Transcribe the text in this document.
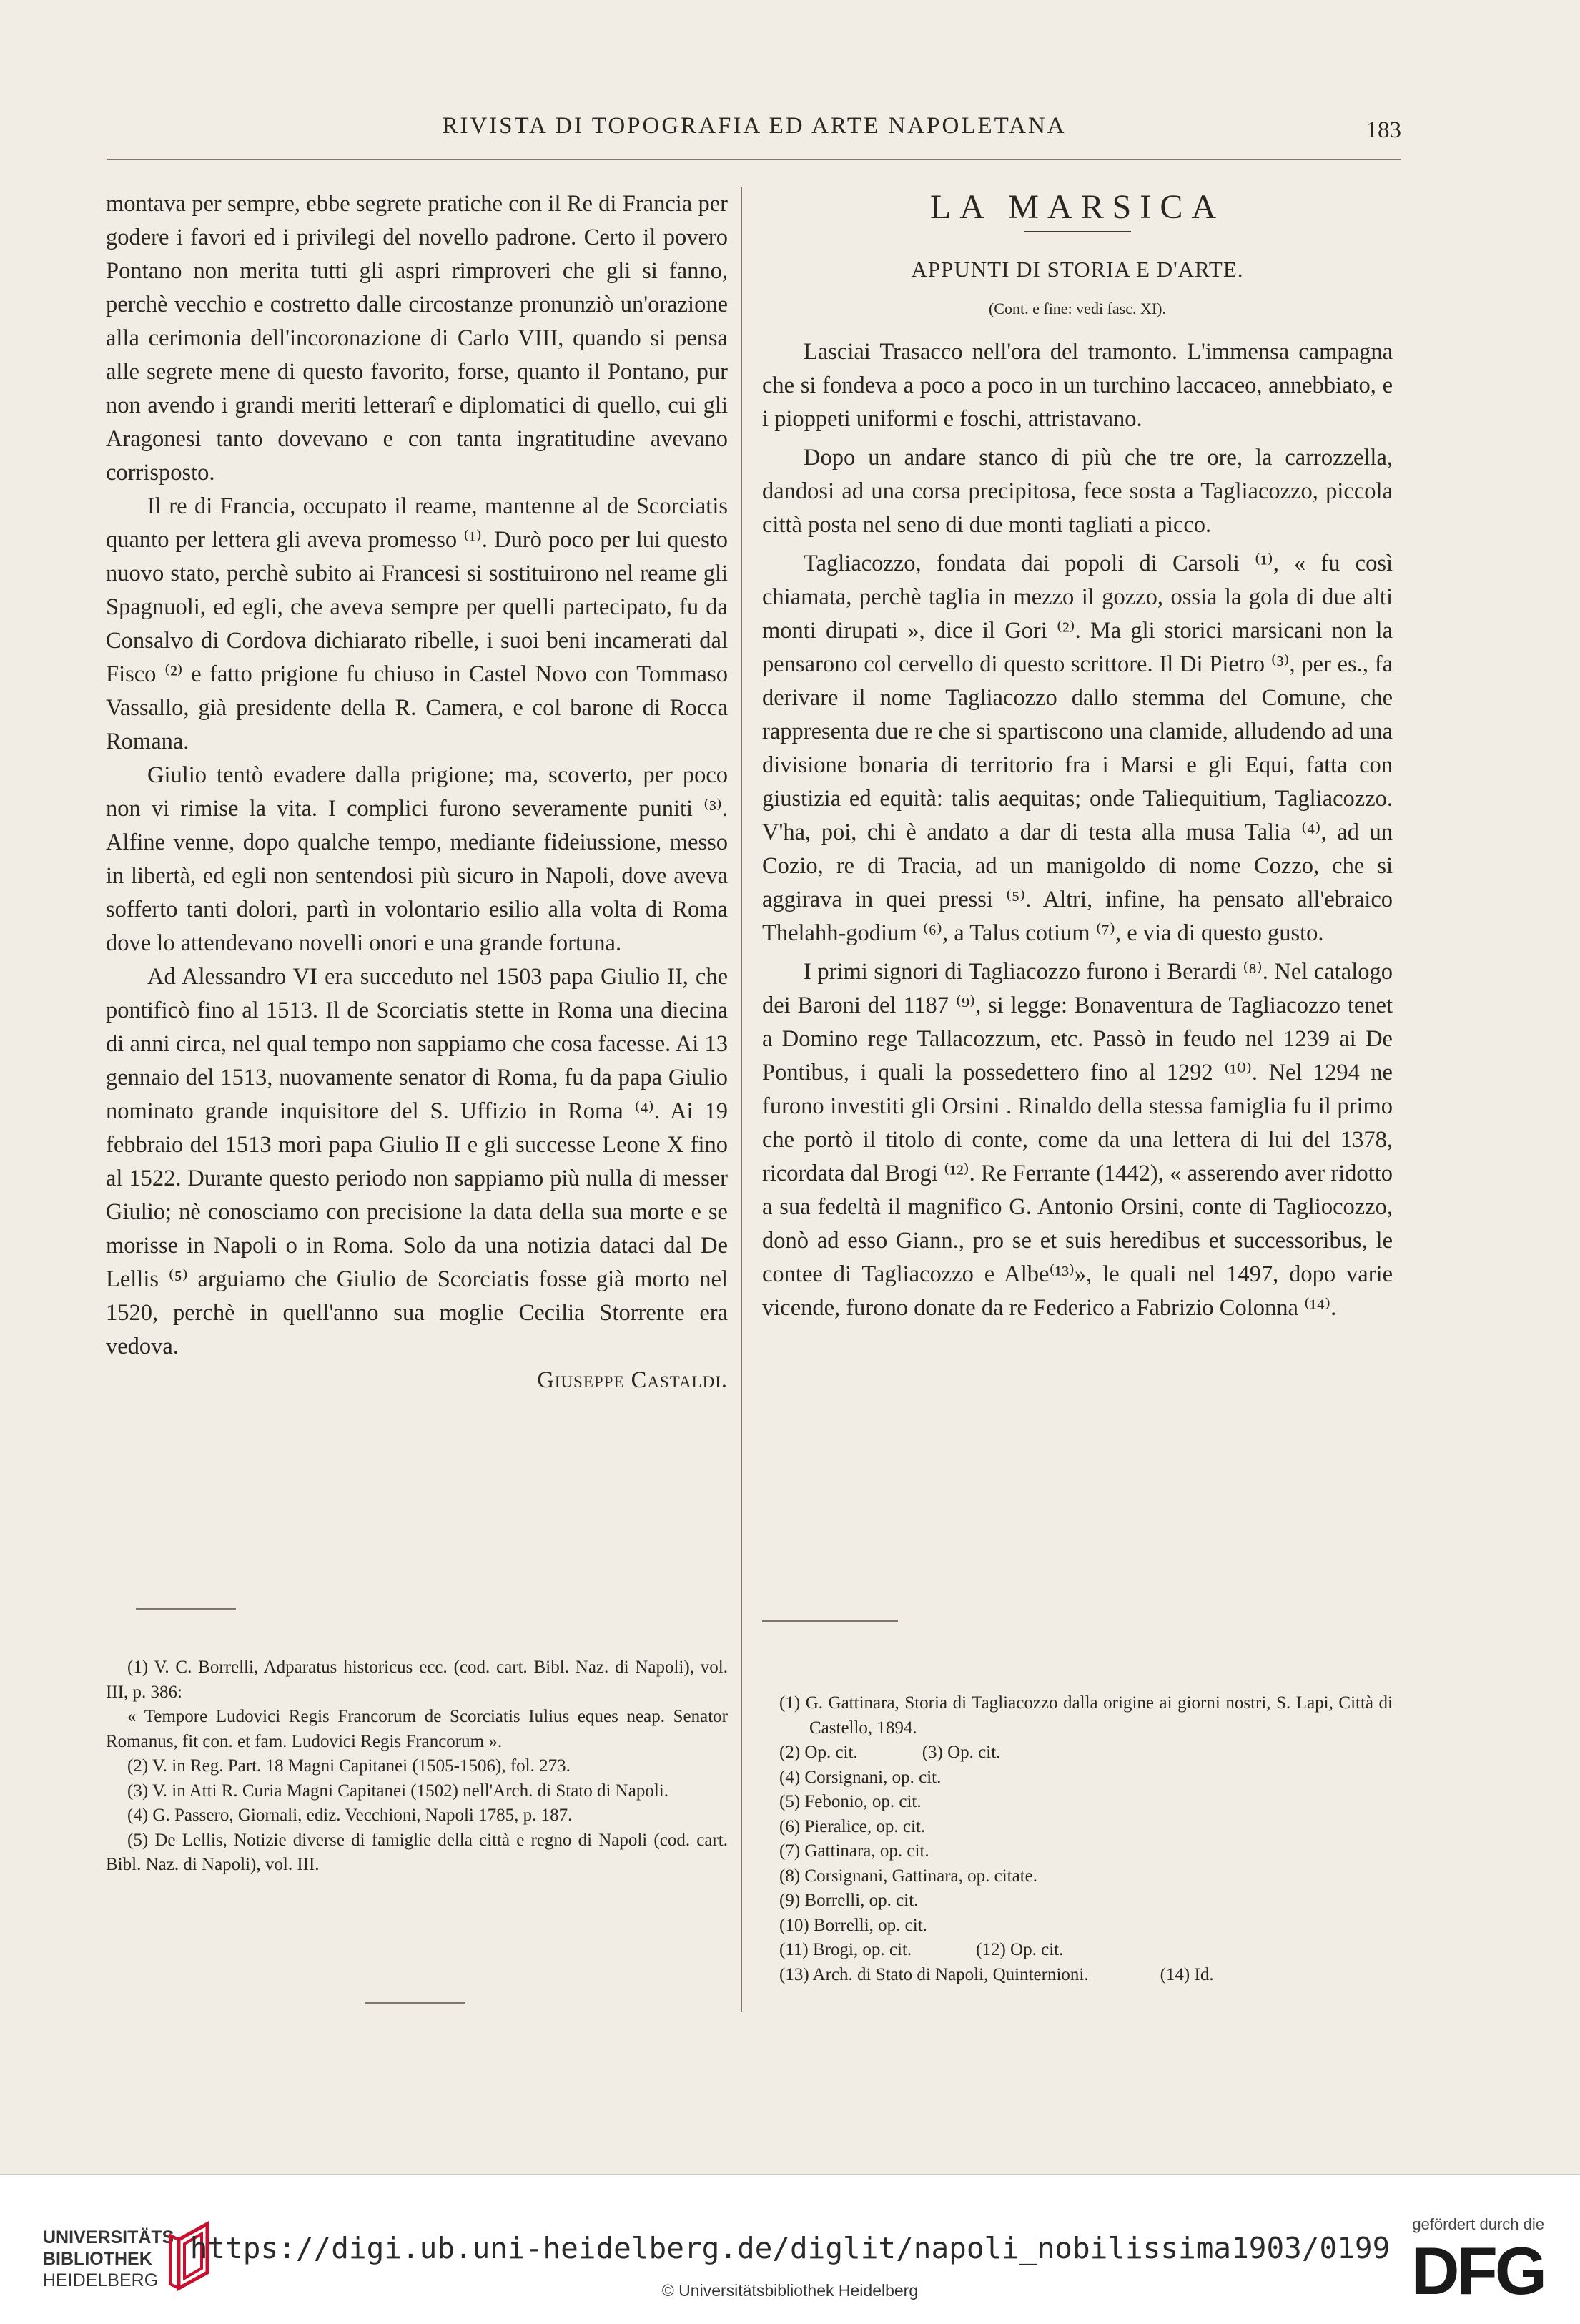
RIVISTA DI TOPOGRAFIA ED ARTE NAPOLETANA	183

montava per sempre, ebbe segrete pratiche con il Re di Francia per godere i favori ed i privilegi del novello padrone. Certo il povero Pontano non merita tutti gli aspri rimproveri che gli si fanno, perchè vecchio e costretto dalle circostanze pronunziò un'orazione alla cerimonia dell'incoronazione di Carlo VIII, quando si pensa alle segrete mene di questo favorito, forse, quanto il Pontano, pur non avendo i grandi meriti letterarî e diplomatici di quello, cui gli Aragonesi tanto dovevano e con tanta ingratitudine avevano corrisposto.

Il re di Francia, occupato il reame, mantenne al de Scorciatis quanto per lettera gli aveva promesso ⁽¹⁾. Durò poco per lui questo nuovo stato, perchè subito ai Francesi si sostituirono nel reame gli Spagnuoli, ed egli, che aveva sempre per quelli partecipato, fu da Consalvo di Cordova dichiarato ribelle, i suoi beni incamerati dal Fisco ⁽²⁾ e fatto prigione fu chiuso in Castel Novo con Tommaso Vassallo, già presidente della R. Camera, e col barone di Rocca Romana.

Giulio tentò evadere dalla prigione; ma, scoverto, per poco non vi rimise la vita. I complici furono severamente puniti ⁽³⁾. Alfine venne, dopo qualche tempo, mediante fideiussione, messo in libertà, ed egli non sentendosi più sicuro in Napoli, dove aveva sofferto tanti dolori, partì in volontario esilio alla volta di Roma dove lo attendevano novelli onori e una grande fortuna.

Ad Alessandro VI era succeduto nel 1503 papa Giulio II, che pontificò fino al 1513. Il de Scorciatis stette in Roma una diecina di anni circa, nel qual tempo non sappiamo che cosa facesse. Ai 13 gennaio del 1513, nuovamente senator di Roma, fu da papa Giulio nominato grande inquisitore del S. Uffizio in Roma ⁽⁴⁾. Ai 19 febbraio del 1513 morì papa Giulio II e gli successe Leone X fino al 1522. Durante questo periodo non sappiamo più nulla di messer Giulio; nè conosciamo con precisione la data della sua morte e se morisse in Napoli o in Roma. Solo da una notizia dataci dal De Lellis ⁽⁵⁾ arguiamo che Giulio de Scorciatis fosse già morto nel 1520, perchè in quell'anno sua moglie Cecilia Storrente era vedova.

Giuseppe Castaldi.

LA MARSICA
APPUNTI DI STORIA E D'ARTE.
(Cont. e fine: vedi fasc. XI).

Lasciai Trasacco nell'ora del tramonto. L'immensa campagna che si fondeva a poco a poco in un turchino laccaceo, annebbiato, e i pioppeti uniformi e foschi, attristavano.

Dopo un andare stanco di più che tre ore, la carrozzella, dandosi ad una corsa precipitosa, fece sosta a Tagliacozzo, piccola città posta nel seno di due monti tagliati a picco.

Tagliacozzo, fondata dai popoli di Carsoli ⁽¹⁾, « fu così chiamata, perchè taglia in mezzo il gozzo, ossia la gola di due alti monti dirupati », dice il Gori ⁽²⁾. Ma gli storici marsicani non la pensarono col cervello di questo scrittore. Il Di Pietro ⁽³⁾, per es., fa derivare il nome Tagliacozzo dallo stemma del Comune, che rappresenta due re che si spartiscono una clamide, alludendo ad una divisione bonaria di territorio fra i Marsi e gli Equi, fatta con giustizia ed equità: talis aequitas; onde Taliequitium, Tagliacozzo. V'ha, poi, chi è andato a dar di testa alla musa Talia ⁽⁴⁾, ad un Cozio, re di Tracia, ad un manigoldo di nome Cozzo, che si aggirava in quei pressi ⁽⁵⁾. Altri, infine, ha pensato all'ebraico Thelahh-godium ⁽⁶⁾, a Talus cotium ⁽⁷⁾, e via di questo gusto.

I primi signori di Tagliacozzo furono i Berardi ⁽⁸⁾. Nel catalogo dei Baroni del 1187 ⁽⁹⁾, si legge: Bonaventura de Tagliacozzo tenet a Domino rege Tallacozzum, etc. Passò in feudo nel 1239 ai De Pontibus, i quali la possedettero fino al 1292 ⁽¹⁰⁾. Nel 1294 ne furono investiti gli Orsini . Rinaldo della stessa famiglia fu il primo che portò il titolo di conte, come da una lettera di lui del 1378, ricordata dal Brogi ⁽¹²⁾. Re Ferrante (1442), « asserendo aver ridotto a sua fedeltà il magnifico G. Antonio Orsini, conte di Tagliocozzo, donò ad esso Giann., pro se et suis heredibus et successoribus, le contee di Tagliacozzo e Albe⁽¹³⁾», le quali nel 1497, dopo varie vicende, furono donate da re Federico a Fabrizio Colonna ⁽¹⁴⁾.

(1) V. C. Borrelli, Adparatus historicus ecc. (cod. cart. Bibl. Naz. di Napoli), vol. III, p. 386:

« Tempore Ludovici Regis Francorum de Scorciatis Iulius eques neap. Senator Romanus, fit con. et fam. Ludovici Regis Francorum ».

(2) V. in Reg. Part. 18 Magni Capitanei (1505-1506), fol. 273.

(3) V. in Atti R. Curia Magni Capitanei (1502) nell'Arch. di Stato di Napoli.

(4) G. Passero, Giornali, ediz. Vecchioni, Napoli 1785, p. 187.

(5) De Lellis, Notizie diverse di famiglie della città e regno di Napoli (cod. cart. Bibl. Naz. di Napoli), vol. III.

(1) G. Gattinara, Storia di Tagliacozzo dalla origine ai giorni nostri, S. Lapi, Città di Castello, 1894.

(2) Op. cit.	(3) Op. cit.

(4) Corsignani, op. cit.

(5) Febonio, op. cit.

(6) Pieralice, op. cit.

(7) Gattinara, op. cit.

(8) Corsignani, Gattinara, op. citate.

(9) Borrelli, op. cit.

(10) Borrelli, op. cit.

(11) Brogi, op. cit.	(12) Op. cit.

(13) Arch. di Stato di Napoli, Quinternioni.	(14) Id.

UNIVERSITÄTS-
BIBLIOTHEK
HEIDELBERG
https://digi.ub.uni-heidelberg.de/diglit/napoli_nobilissima1903/0199
© Universitätsbibliothek Heidelberg
gefördert durch die
DFG
